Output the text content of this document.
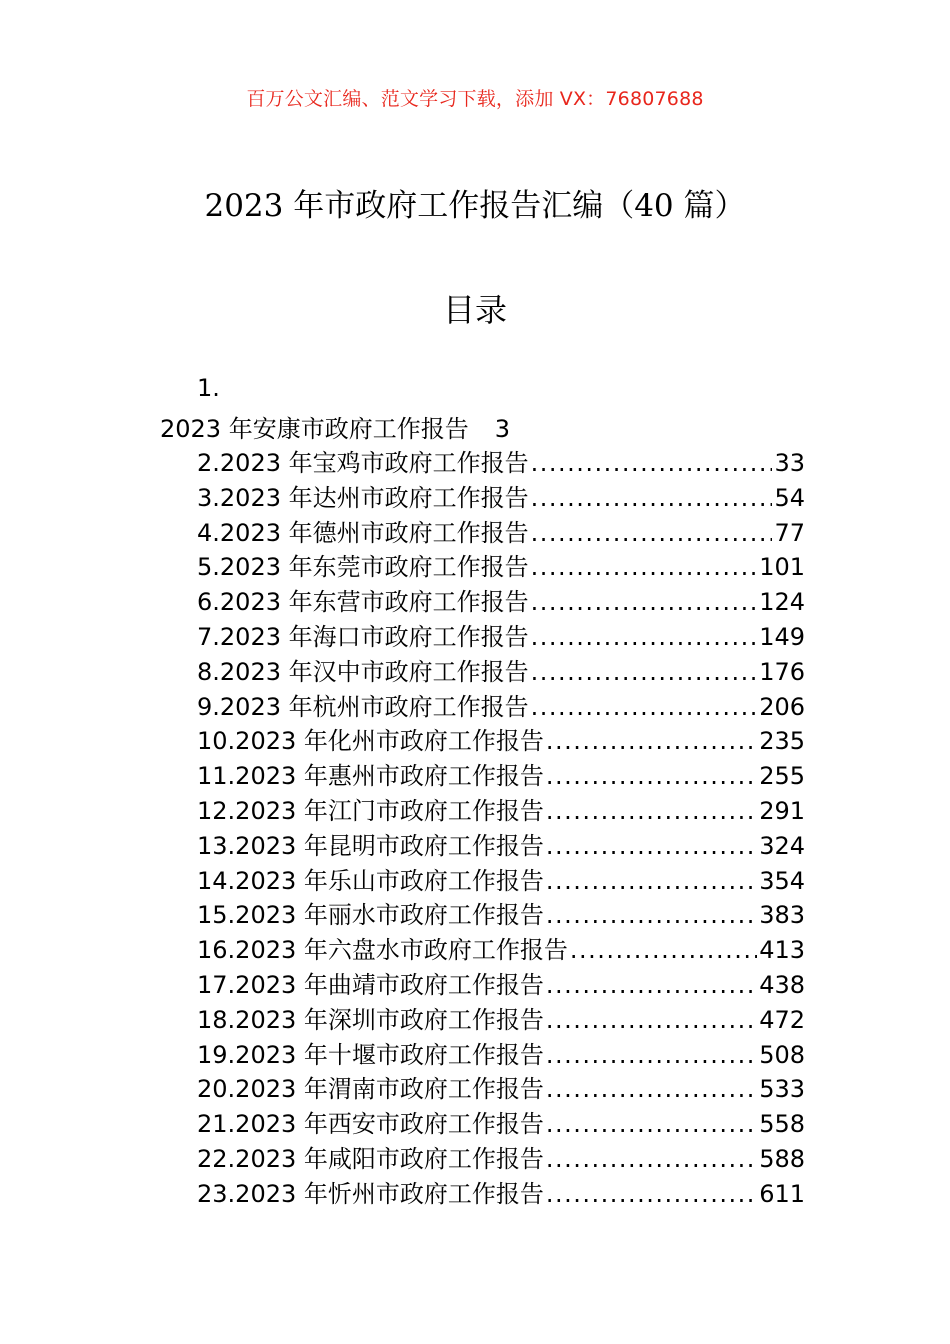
百万公文汇编、范文学习下载，添加 VX：76807688
2023 年市政府工作报告汇编（40 篇）
目录
1.
2023 年安康市政府工作报告 3
2.2023 年宝鸡市政府工作报告 .....	33
3.2023 年达州市政府工作报告 .....	54
4.2023 年德州市政府工作报告 .....	77
5.2023 年东莞市政府工作报告 .....	101
6.2023 年东营市政府工作报告 .....	124
7.2023 年海口市政府工作报告 .....	149
8.2023 年汉中市政府工作报告 .....	176
9.2023 年杭州市政府工作报告 .....	206
10.2023 年化州市政府工作报告 .....	235
11.2023 年惠州市政府工作报告 .....	255
12.2023 年江门市政府工作报告 .....	291
13.2023 年昆明市政府工作报告 .....	324
14.2023 年乐山市政府工作报告 .....	354
15.2023 年丽水市政府工作报告 .....	383
16.2023 年六盘水市政府工作报告 .....	413
17.2023 年曲靖市政府工作报告 .....	438
18.2023 年深圳市政府工作报告 .....	472
19.2023 年十堰市政府工作报告 .....	508
20.2023 年渭南市政府工作报告 .....	533
21.2023 年西安市政府工作报告 .....	558
22.2023 年咸阳市政府工作报告 .....	588
23.2023 年忻州市政府工作报告 .....	611
